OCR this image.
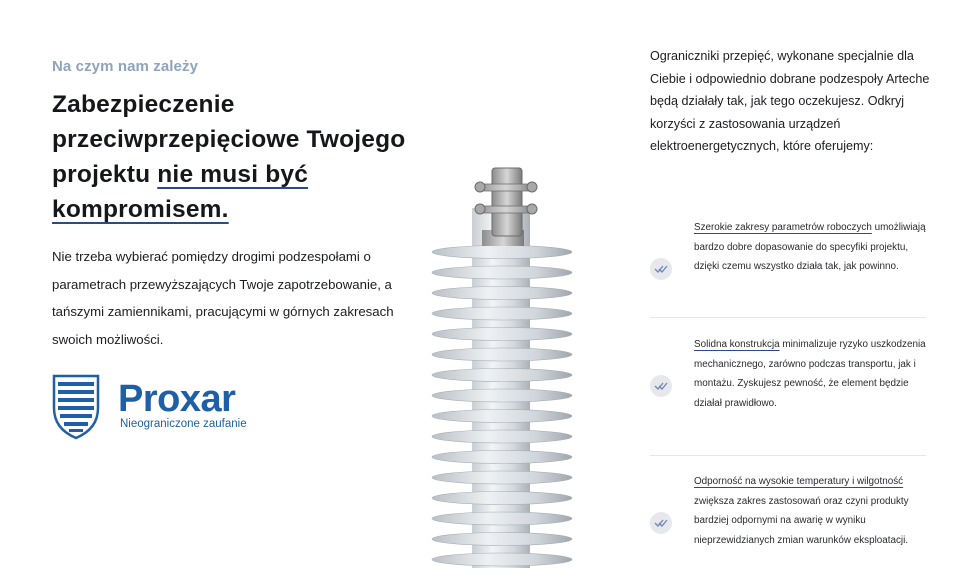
Na czym nam zależy
Zabezpieczenie przeciwprzepięciowe Twojego projektu nie musi być kompromisem.
Nie trzeba wybierać pomiędzy drogimi podzespołami o parametrach przewyższających Twoje zapotrzebowanie, a tańszymi zamiennikami, pracującymi w górnych zakresach swoich możliwości.
Proxar
Nieograniczone zaufanie
Ograniczniki przepięć, wykonane specjalnie dla Ciebie i odpowiednio dobrane podzespoły Arteche będą działały tak, jak tego oczekujesz. Odkryj korzyści z zastosowania urządzeń elektroenergetycznych, które oferujemy:
Szerokie zakresy parametrów roboczych umożliwiają bardzo dobre dopasowanie do specyfiki projektu, dzięki czemu wszystko działa tak, jak powinno.
Solidna konstrukcja minimalizuje ryzyko uszkodzenia mechanicznego, zarówno podczas transportu, jak i montażu. Zyskujesz pewność, że element będzie działał prawidłowo.
Odporność na wysokie temperatury i wilgotność zwiększa zakres zastosowań oraz czyni produkty bardziej odpornymi na awarię w wyniku nieprzewidzianych zmian warunków eksploatacji.
